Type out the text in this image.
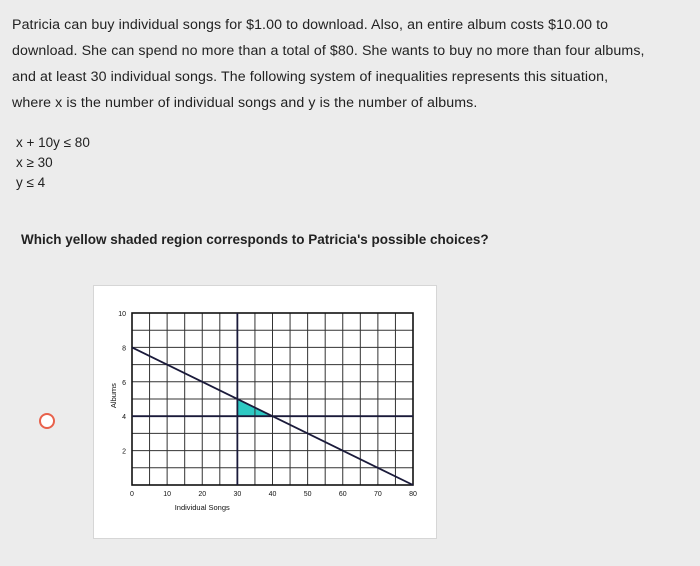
Patricia can buy individual songs for $1.00 to download. Also, an entire album costs $10.00 to

download. She can spend no more than a total of $80. She wants to buy no more than four albums,

and at least 30 individual songs. The following system of inequalities represents this situation,

where x is the number of individual songs and y is the number of albums.

x + 10y ≤ 80
x ≥ 30
y ≤ 4
Which yellow shaded region corresponds to Patricia's possible choices?
2
4
6
8
10
0	10	20	30	40	50	60	70	80
Individual Songs
Albums
